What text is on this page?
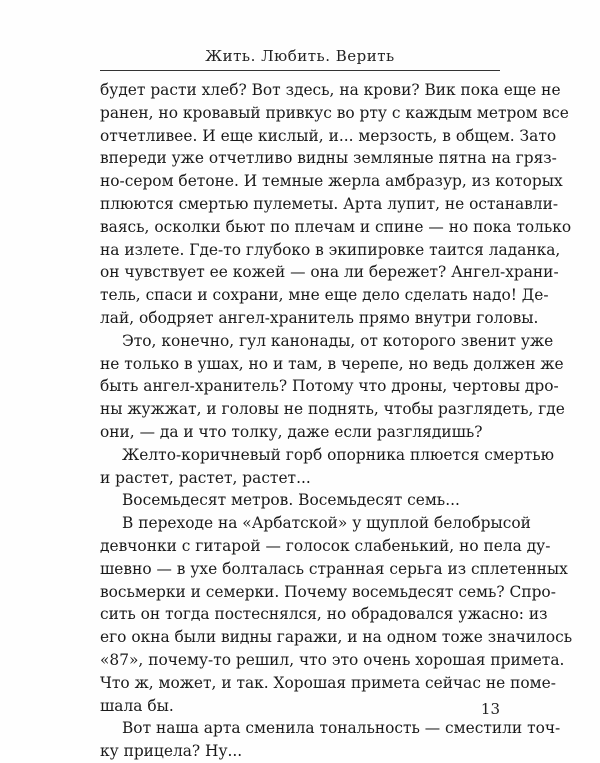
Жить. Любить. Верить
будет расти хлеб? Вот здесь, на крови? Вик пока еще не
ранен, но кровавый привкус во рту с каждым метром все
отчетливее. И еще кислый, и... мерзость, в общем. Зато
впереди уже отчетливо видны земляные пятна на гряз-
но-сером бетоне. И темные жерла амбразур, из которых
плюются смертью пулеметы. Арта лупит, не останавли-
ваясь, осколки бьют по плечам и спине — но пока только
на излете. Где-то глубоко в экипировке таится ладанка,
он чувствует ее кожей — она ли бережет? Ангел-храни-
тель, спаси и сохрани, мне еще дело сделать надо! Де-
лай, ободряет ангел-хранитель прямо внутри головы.
Это, конечно, гул канонады, от которого звенит уже
не только в ушах, но и там, в черепе, но ведь должен же
быть ангел-хранитель? Потому что дроны, чертовы дро-
ны жужжат, и головы не поднять, чтобы разглядеть, где
они, — да и что толку, даже если разглядишь?
Желто-коричневый горб опорника плюется смертью
и растет, растет, растет...
Восемьдесят метров. Восемьдесят семь...
В переходе на «Арбатской» у щуплой белобрысой
девчонки с гитарой — голосок слабенький, но пела ду-
шевно — в ухе болталась странная серьга из сплетенных
восьмерки и семерки. Почему восемьдесят семь? Спро-
сить он тогда постеснялся, но обрадовался ужасно: из
его окна были видны гаражи, и на одном тоже значилось
«87», почему-то решил, что это очень хорошая примета.
Что ж, может, и так. Хорошая примета сейчас не поме-
шала бы.
Вот наша арта сменила тональность — сместили точ-
ку прицела? Ну...
13
